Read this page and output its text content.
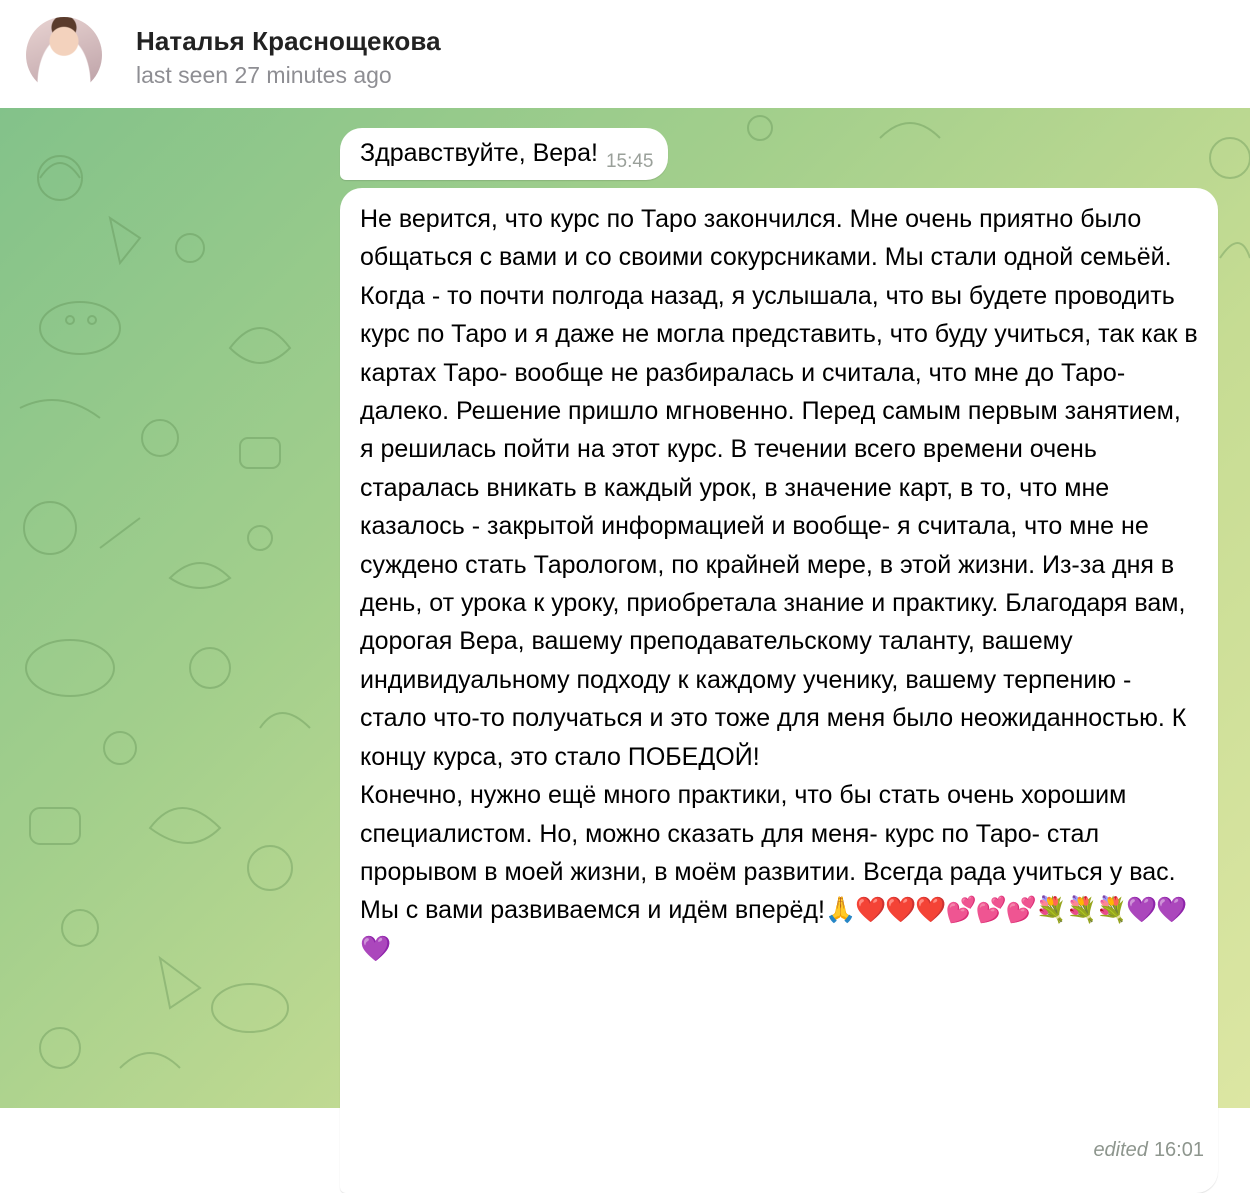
Наталья Краснощекова
last seen 27 minutes ago
Здравствуйте, Вера! 15:45
Не верится, что курс по Таро закончился. Мне очень приятно было общаться с вами и со своими сокурсниками. Мы стали одной семьёй.
Когда - то почти полгода назад, я услышала, что вы будете проводить курс по Таро и я даже не могла представить, что буду учиться, так как в картах Таро- вообще не разбиралась и считала, что мне до Таро- далеко. Решение пришло мгновенно. Перед самым первым занятием, я решилась пойти на этот курс. В течении всего времени очень старалась вникать в каждый урок, в значение карт, в то, что мне казалось - закрытой информацией и вообще- я считала, что мне не суждено стать Тарологом, по крайней мере, в этой жизни. Из-за дня в день, от урока к уроку, приобретала знание и практику. Благодаря вам, дорогая Вера, вашему преподавательскому таланту, вашему индивидуальному подходу к каждому ученику, вашему терпению - стало что-то получаться и это тоже для меня было неожиданностью. К концу курса, это стало ПОБЕДОЙ!
Конечно, нужно ещё много практики, что бы стать очень хорошим специалистом. Но, можно сказать для меня- курс по Таро- стал прорывом в моей жизни, в моём развитии. Всегда рада учиться у вас. Мы с вами развиваемся и идём вперёд!🙏❤️❤️❤️💕💕💕💐💐💐💜💜💜
edited 16:01
